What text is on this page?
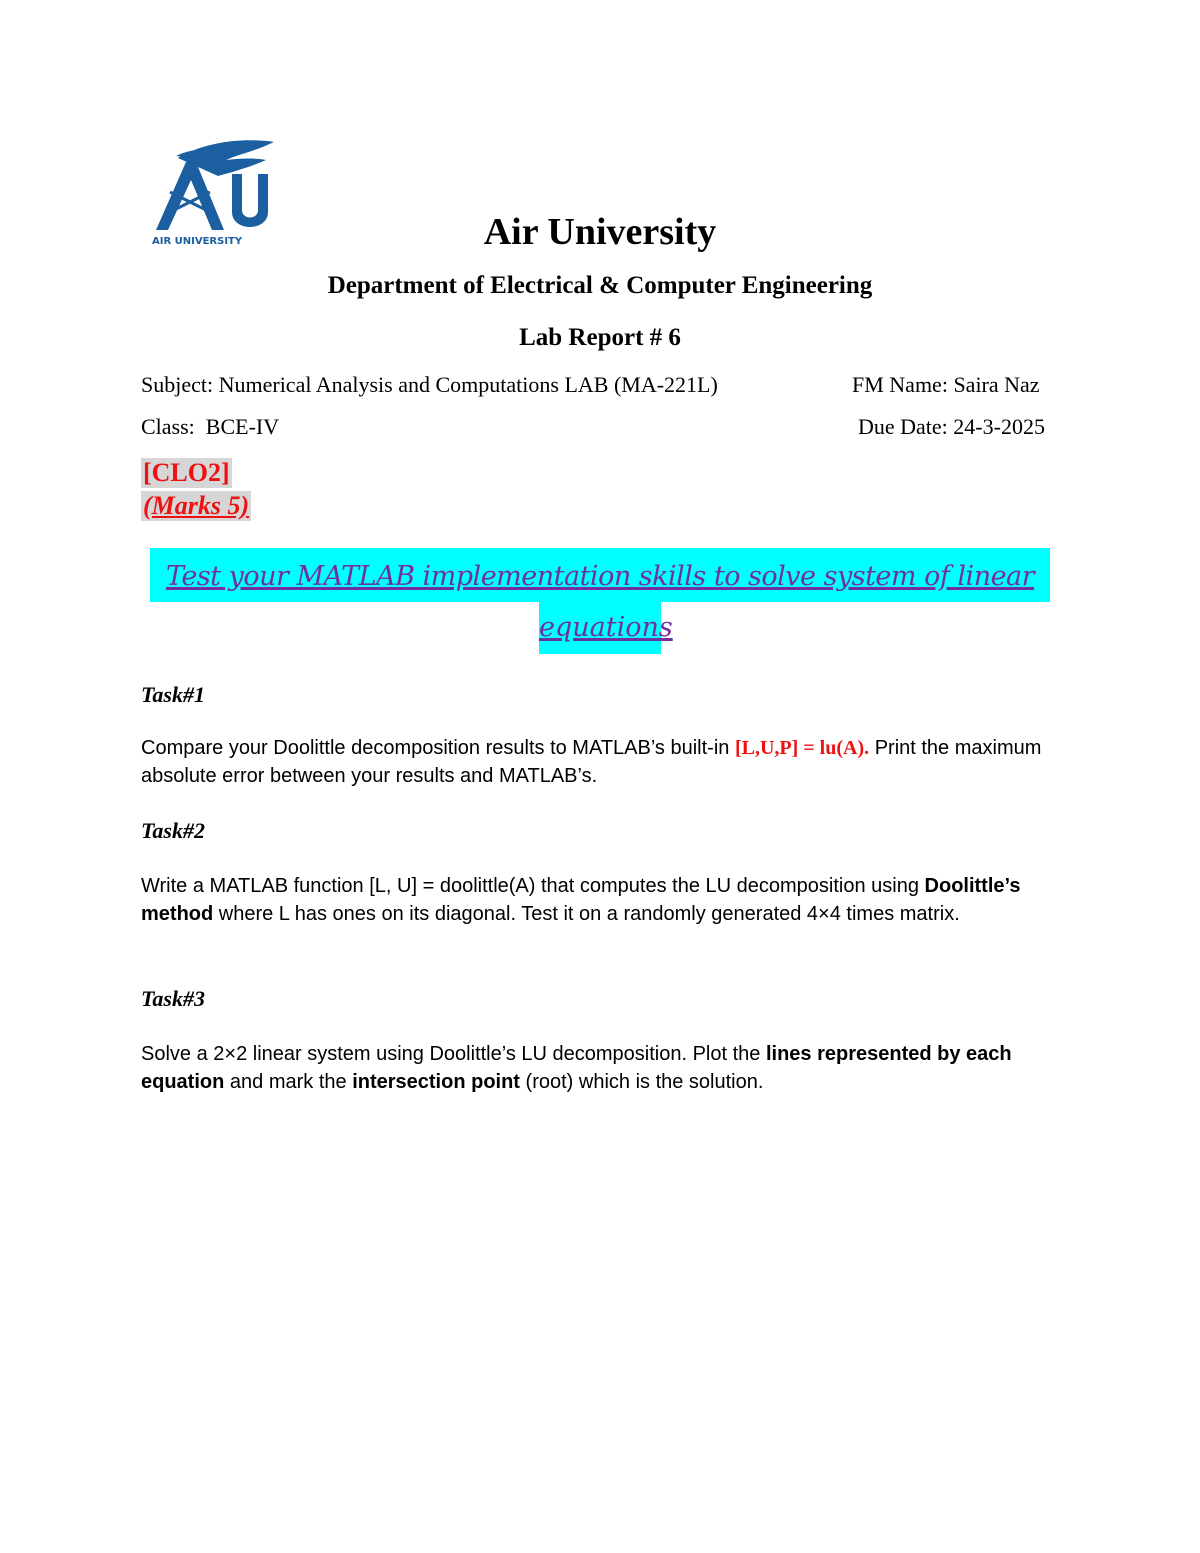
AIR UNIVERSITY	Air University
Department of Electrical & Computer Engineering
Lab Report # 6
Subject: Numerical Analysis and Computations LAB (MA-221L)	FM Name: Saira Naz
Class:  BCE-IV	Due Date: 24-3-2025
[CLO2]
(Marks 5)
Test your MATLAB implementation skills to solve system of linear
equations
Task#1
Compare your Doolittle decomposition results to MATLAB’s built-in [L,U,P] = lu(A). Print the maximum absolute error between your results and MATLAB’s.
Task#2
Write a MATLAB function [L, U] = doolittle(A) that computes the LU decomposition using Doolittle’s method where L has ones on its diagonal. Test it on a randomly generated 4×4 times matrix.
Task#3
Solve a 2×2 linear system using Doolittle’s LU decomposition. Plot the lines represented by each equation and mark the intersection point (root) which is the solution.
